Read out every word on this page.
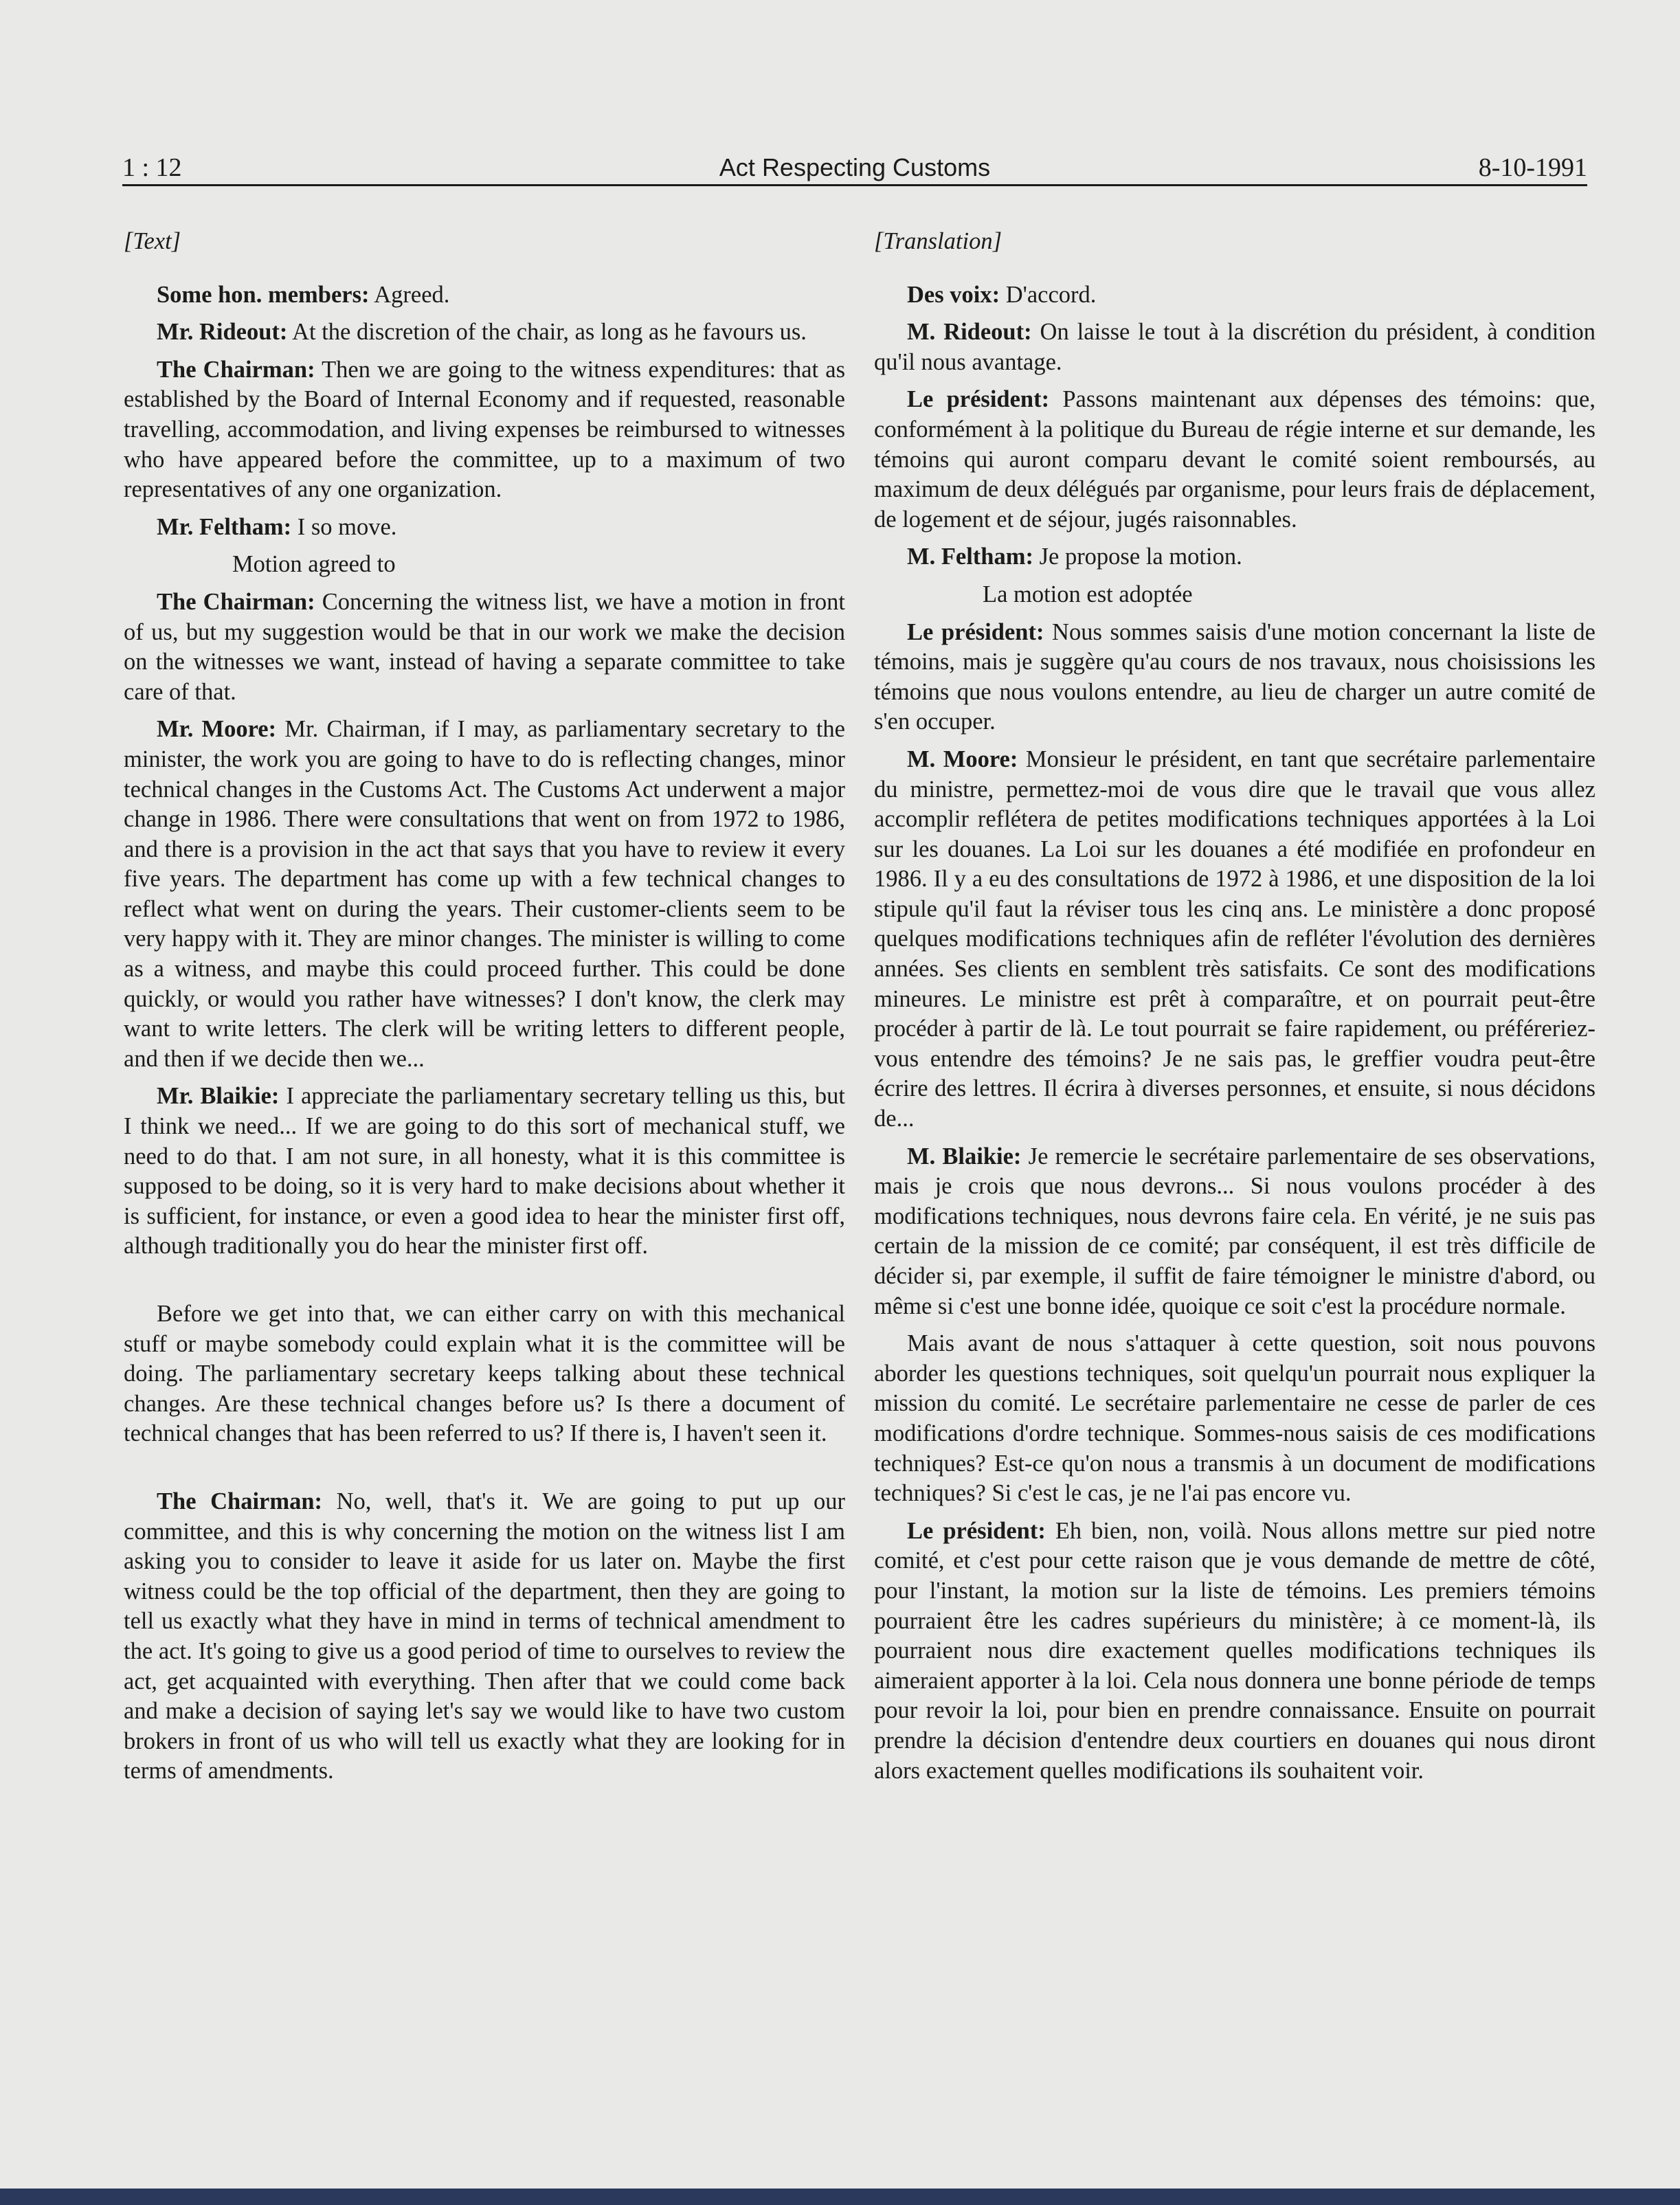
1 : 12	Act Respecting Customs	8-10-1991

[Text]

Some hon. members: Agreed.

Mr. Rideout: At the discretion of the chair, as long as he favours us.

The Chairman: Then we are going to the witness expenditures: that as established by the Board of Internal Economy and if requested, reasonable travelling, accommodation, and living expenses be reimbursed to witnesses who have appeared before the committee, up to a maximum of two representatives of any one organization.

Mr. Feltham: I so move.

Motion agreed to

The Chairman: Concerning the witness list, we have a motion in front of us, but my suggestion would be that in our work we make the decision on the witnesses we want, instead of having a separate committee to take care of that.

Mr. Moore: Mr. Chairman, if I may, as parliamentary secretary to the minister, the work you are going to have to do is reflecting changes, minor technical changes in the Customs Act. The Customs Act underwent a major change in 1986. There were consultations that went on from 1972 to 1986, and there is a provision in the act that says that you have to review it every five years. The department has come up with a few technical changes to reflect what went on during the years. Their customer-clients seem to be very happy with it. They are minor changes. The minister is willing to come as a witness, and maybe this could proceed further. This could be done quickly, or would you rather have witnesses? I don't know, the clerk may want to write letters. The clerk will be writing letters to different people, and then if we decide then we...

Mr. Blaikie: I appreciate the parliamentary secretary telling us this, but I think we need... If we are going to do this sort of mechanical stuff, we need to do that. I am not sure, in all honesty, what it is this committee is supposed to be doing, so it is very hard to make decisions about whether it is sufficient, for instance, or even a good idea to hear the minister first off, although traditionally you do hear the minister first off.

Before we get into that, we can either carry on with this mechanical stuff or maybe somebody could explain what it is the committee will be doing. The parliamentary secretary keeps talking about these technical changes. Are these technical changes before us? Is there a document of technical changes that has been referred to us? If there is, I haven't seen it.

The Chairman: No, well, that's it. We are going to put up our committee, and this is why concerning the motion on the witness list I am asking you to consider to leave it aside for us later on. Maybe the first witness could be the top official of the department, then they are going to tell us exactly what they have in mind in terms of technical amendment to the act. It's going to give us a good period of time to ourselves to review the act, get acquainted with everything. Then after that we could come back and make a decision of saying let's say we would like to have two custom brokers in front of us who will tell us exactly what they are looking for in terms of amendments.

[Translation]

Des voix: D'accord.

M. Rideout: On laisse le tout à la discrétion du président, à condition qu'il nous avantage.

Le président: Passons maintenant aux dépenses des témoins: que, conformément à la politique du Bureau de régie interne et sur demande, les témoins qui auront comparu devant le comité soient remboursés, au maximum de deux délégués par organisme, pour leurs frais de déplacement, de logement et de séjour, jugés raisonnables.

M. Feltham: Je propose la motion.

La motion est adoptée

Le président: Nous sommes saisis d'une motion concernant la liste de témoins, mais je suggère qu'au cours de nos travaux, nous choisissions les témoins que nous voulons entendre, au lieu de charger un autre comité de s'en occuper.

M. Moore: Monsieur le président, en tant que secrétaire parlementaire du ministre, permettez-moi de vous dire que le travail que vous allez accomplir reflétera de petites modifications techniques apportées à la Loi sur les douanes. La Loi sur les douanes a été modifiée en profondeur en 1986. Il y a eu des consultations de 1972 à 1986, et une disposition de la loi stipule qu'il faut la réviser tous les cinq ans. Le ministère a donc proposé quelques modifications techniques afin de refléter l'évolution des dernières années. Ses clients en semblent très satisfaits. Ce sont des modifications mineures. Le ministre est prêt à comparaître, et on pourrait peut-être procéder à partir de là. Le tout pourrait se faire rapidement, ou préféreriez-vous entendre des témoins? Je ne sais pas, le greffier voudra peut-être écrire des lettres. Il écrira à diverses personnes, et ensuite, si nous décidons de...

M. Blaikie: Je remercie le secrétaire parlementaire de ses observations, mais je crois que nous devrons... Si nous voulons procéder à des modifications techniques, nous devrons faire cela. En vérité, je ne suis pas certain de la mission de ce comité; par conséquent, il est très difficile de décider si, par exemple, il suffit de faire témoigner le ministre d'abord, ou même si c'est une bonne idée, quoique ce soit c'est la procédure normale.

Mais avant de nous s'attaquer à cette question, soit nous pouvons aborder les questions techniques, soit quelqu'un pourrait nous expliquer la mission du comité. Le secrétaire parlementaire ne cesse de parler de ces modifications d'ordre technique. Sommes-nous saisis de ces modifications techniques? Est-ce qu'on nous a transmis à un document de modifications techniques? Si c'est le cas, je ne l'ai pas encore vu.

Le président: Eh bien, non, voilà. Nous allons mettre sur pied notre comité, et c'est pour cette raison que je vous demande de mettre de côté, pour l'instant, la motion sur la liste de témoins. Les premiers témoins pourraient être les cadres supérieurs du ministère; à ce moment-là, ils pourraient nous dire exactement quelles modifications techniques ils aimeraient apporter à la loi. Cela nous donnera une bonne période de temps pour revoir la loi, pour bien en prendre connaissance. Ensuite on pourrait prendre la décision d'entendre deux courtiers en douanes qui nous diront alors exactement quelles modifications ils souhaitent voir.
